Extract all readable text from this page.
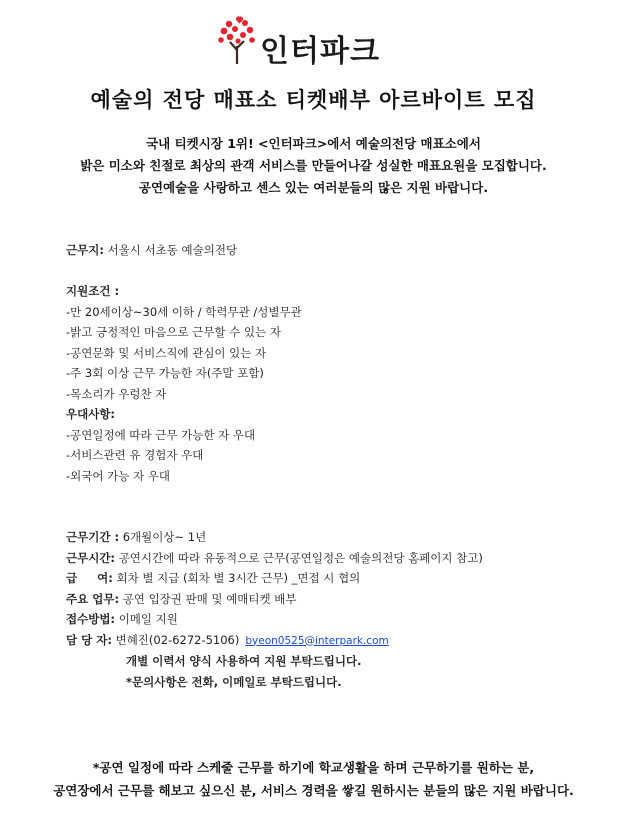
인터파크
예술의 전당 매표소 티켓배부 아르바이트 모집
국내 티켓시장 1위! <인터파크>에서 예술의전당 매표소에서
밝은 미소와 친절로 최상의 관객 서비스를 만들어나갈 성실한 매표요원을 모집합니다.
공연예술을 사랑하고 센스 있는 여러분들의 많은 지원 바랍니다.
근무지: 서울시 서초동 예술의전당
지원조건 :
-만 20세이상~30세 이하 / 학력무관 /성별무관
-밝고 긍정적인 마음으로 근무할 수 있는 자
-공연문화 및 서비스직에 관심이 있는 자
-주 3회 이상 근무 가능한 자(주말 포함)
-목소리가 우렁찬 자
우대사항:
-공연일정에 따라 근무 가능한 자 우대
-서비스관련 유 경험자 우대
-외국어 가능 자 우대
근무기간 : 6개월이상~ 1년
근무시간: 공연시간에 따라 유동적으로 근무(공연일정은 예술의전당 홈페이지 참고)
급     여: 회차 별 지급 (회차 별 3시간 근무) _면접 시 협의
주요 업무: 공연 입장권 판매 및 예매티켓 배부
접수방법: 이메일 지원
담 당 자: 변혜진(02-6272-5106) byeon0525@interpark.com
개별 이력서 양식 사용하여 지원 부탁드립니다.
*문의사항은 전화, 이메일로 부탁드립니다.
*공연 일정에 따라 스케줄 근무를 하기에 학교생활을 하며 근무하기를 원하는 분,
공연장에서 근무를 해보고 싶으신 분, 서비스 경력을 쌓길 원하시는 분들의 많은 지원 바랍니다.
